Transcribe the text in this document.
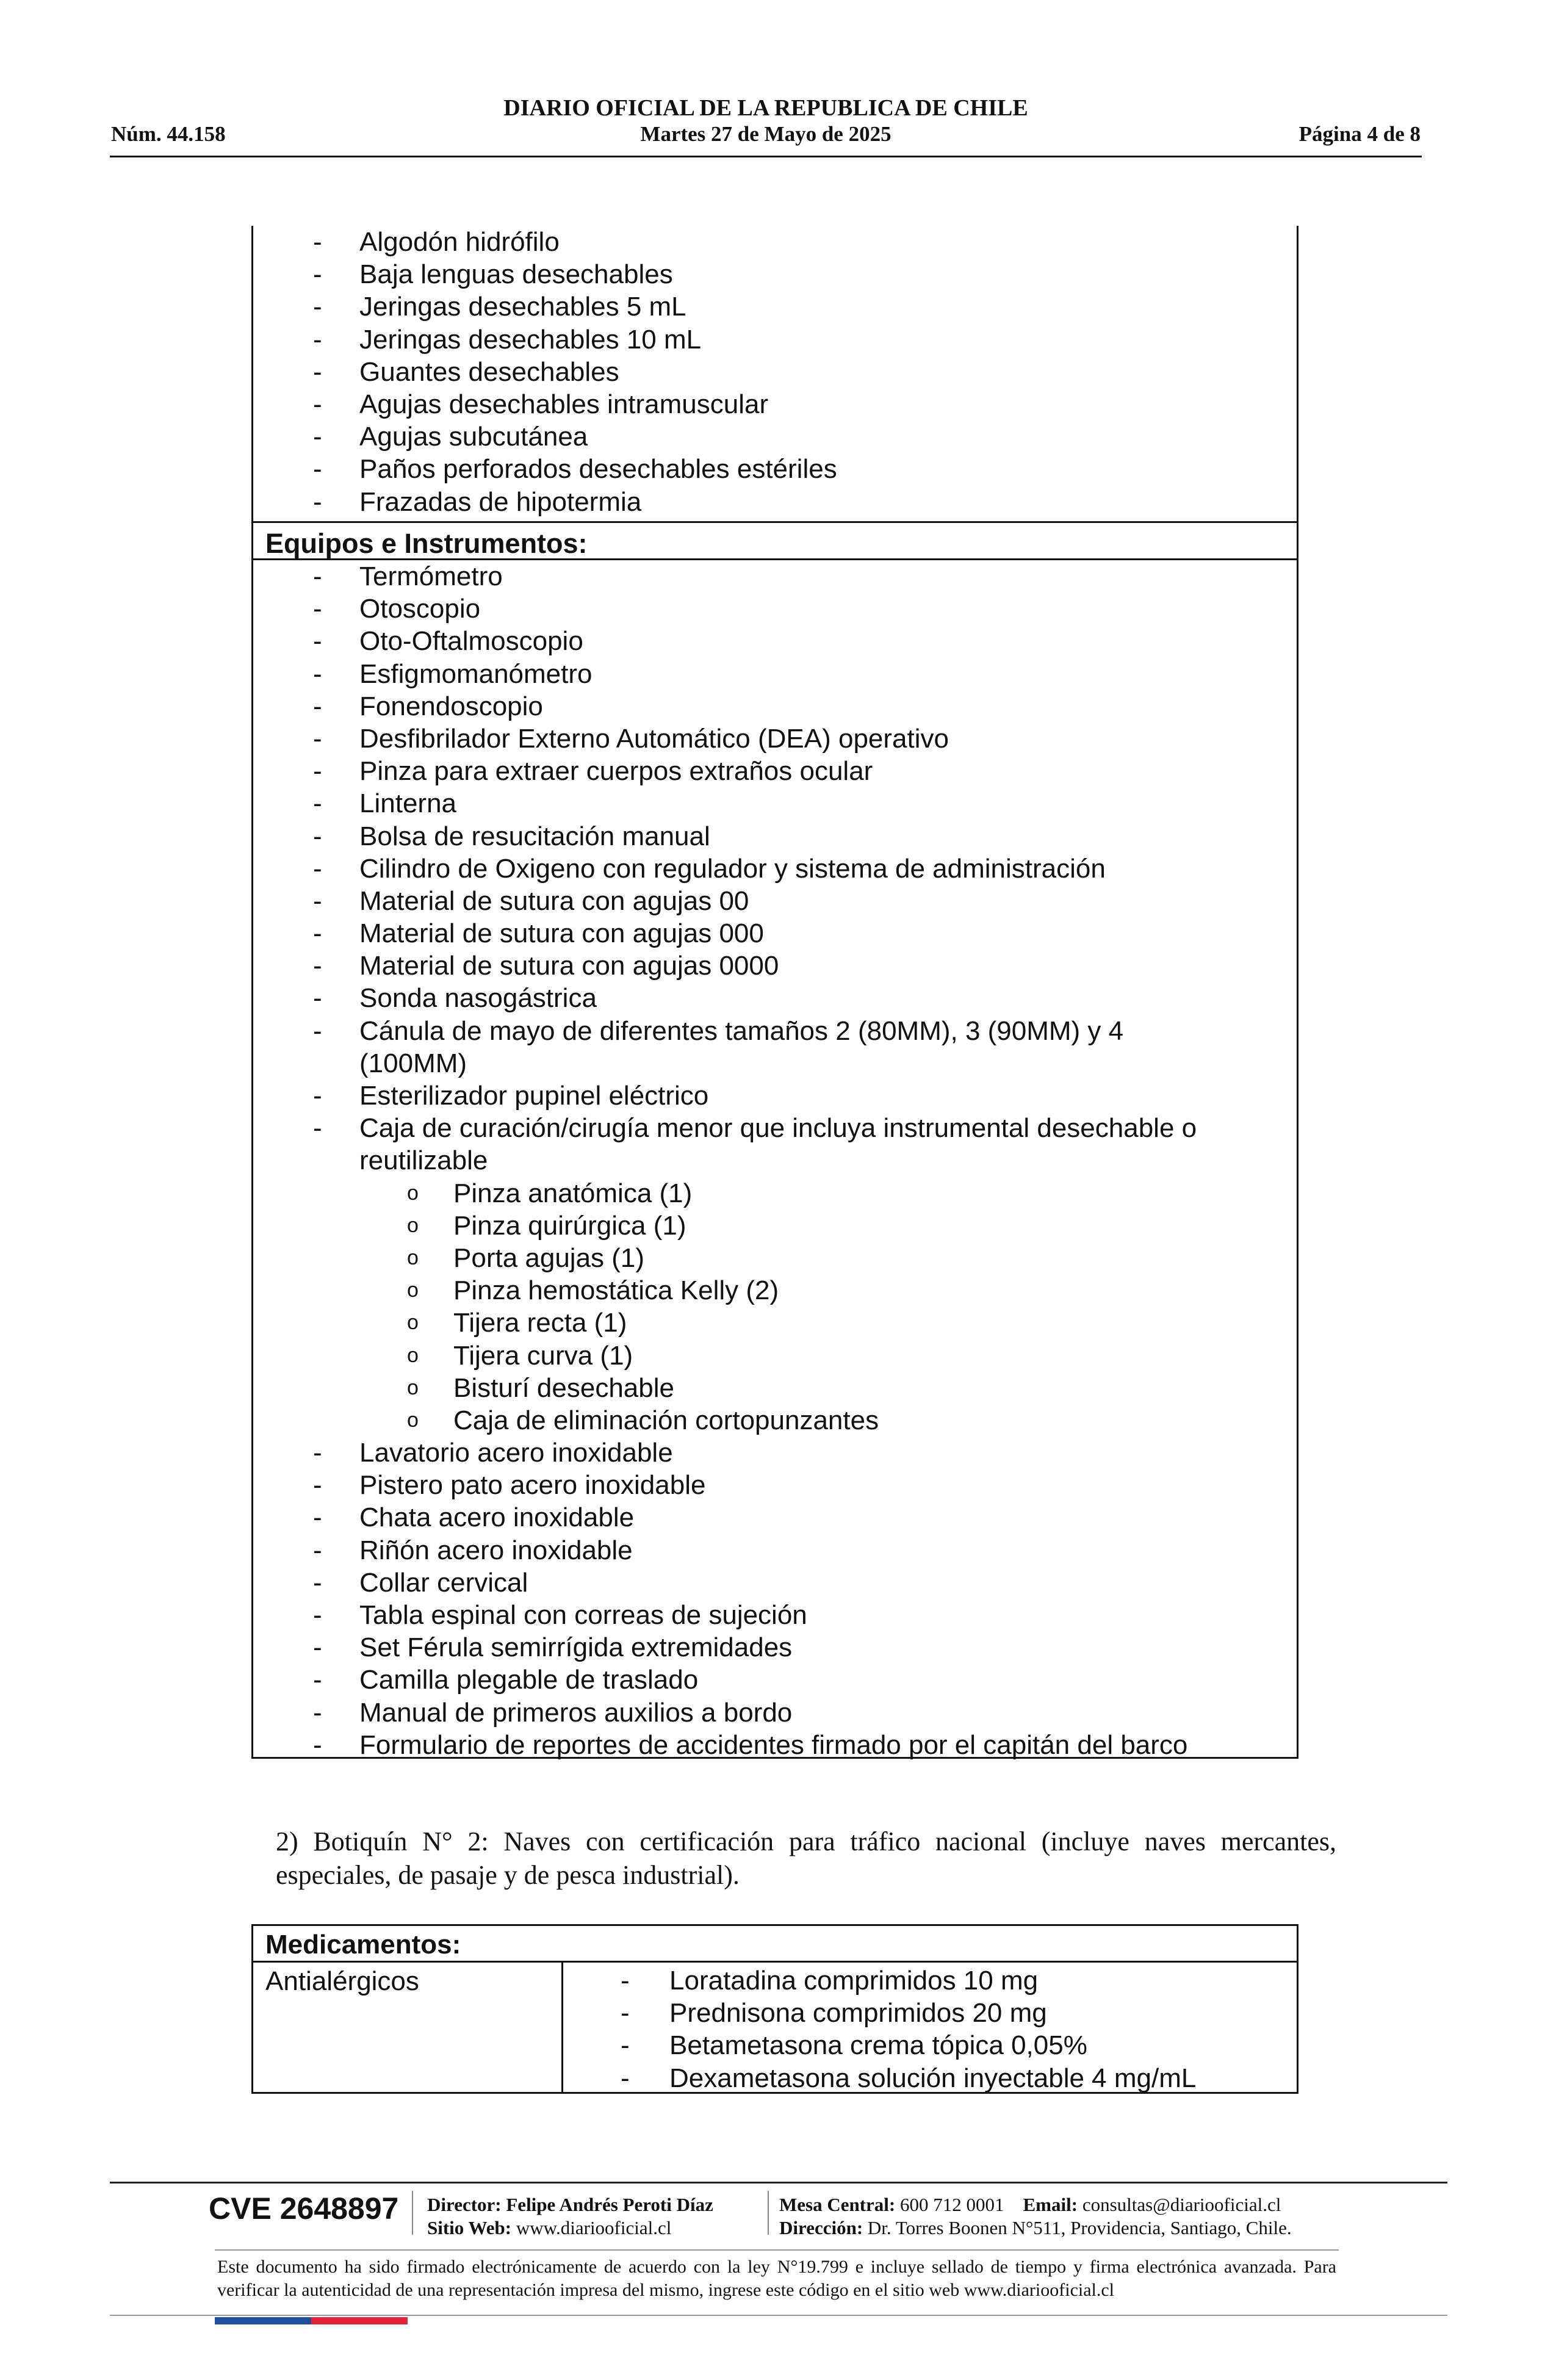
DIARIO OFICIAL DE LA REPUBLICA DE CHILE
Núm. 44.158	Martes 27 de Mayo de 2025	Página 4 de 8
- Algodón hidrófilo
- Baja lenguas desechables
- Jeringas desechables 5 mL
- Jeringas desechables 10 mL
- Guantes desechables
- Agujas desechables intramuscular
- Agujas subcutánea
- Paños perforados desechables estériles
- Frazadas de hipotermia
Equipos e Instrumentos:
- Termómetro
- Otoscopio
- Oto-Oftalmoscopio
- Esfigmomanómetro
- Fonendoscopio
- Desfibrilador Externo Automático (DEA) operativo
- Pinza para extraer cuerpos extraños ocular
- Linterna
- Bolsa de resucitación manual
- Cilindro de Oxigeno con regulador y sistema de administración
- Material de sutura con agujas 00
- Material de sutura con agujas 000
- Material de sutura con agujas 0000
- Sonda nasogástrica
- Cánula de mayo de diferentes tamaños 2 (80MM), 3 (90MM) y 4
(100MM)
- Esterilizador pupinel eléctrico
- Caja de curación/cirugía menor que incluya instrumental desechable o
reutilizable
o Pinza anatómica (1)
o Pinza quirúrgica (1)
o Porta agujas (1)
o Pinza hemostática Kelly (2)
o Tijera recta (1)
o Tijera curva (1)
o Bisturí desechable
o Caja de eliminación cortopunzantes
- Lavatorio acero inoxidable
- Pistero pato acero inoxidable
- Chata acero inoxidable
- Riñón acero inoxidable
- Collar cervical
- Tabla espinal con correas de sujeción
- Set Férula semirrígida extremidades
- Camilla plegable de traslado
- Manual de primeros auxilios a bordo
- Formulario de reportes de accidentes firmado por el capitán del barco
2) Botiquín N° 2: Naves con certificación para tráfico nacional (incluye naves mercantes, especiales, de pasaje y de pesca industrial).
Medicamentos:
Antialérgicos	- Loratadina comprimidos 10 mg
- Prednisona comprimidos 20 mg
- Betametasona crema tópica 0,05%
- Dexametasona solución inyectable 4 mg/mL
CVE 2648897 Director: Felipe Andrés Peroti Díaz
Sitio Web: www.diariooficial.cl
Mesa Central: 600 712 0001 Email: consultas@diariooficial.cl
Dirección: Dr. Torres Boonen N°511, Providencia, Santiago, Chile.
Este documento ha sido firmado electrónicamente de acuerdo con la ley N°19.799 e incluye sellado de tiempo y firma electrónica avanzada. Para verificar la autenticidad de una representación impresa del mismo, ingrese este código en el sitio web www.diariooficial.cl
